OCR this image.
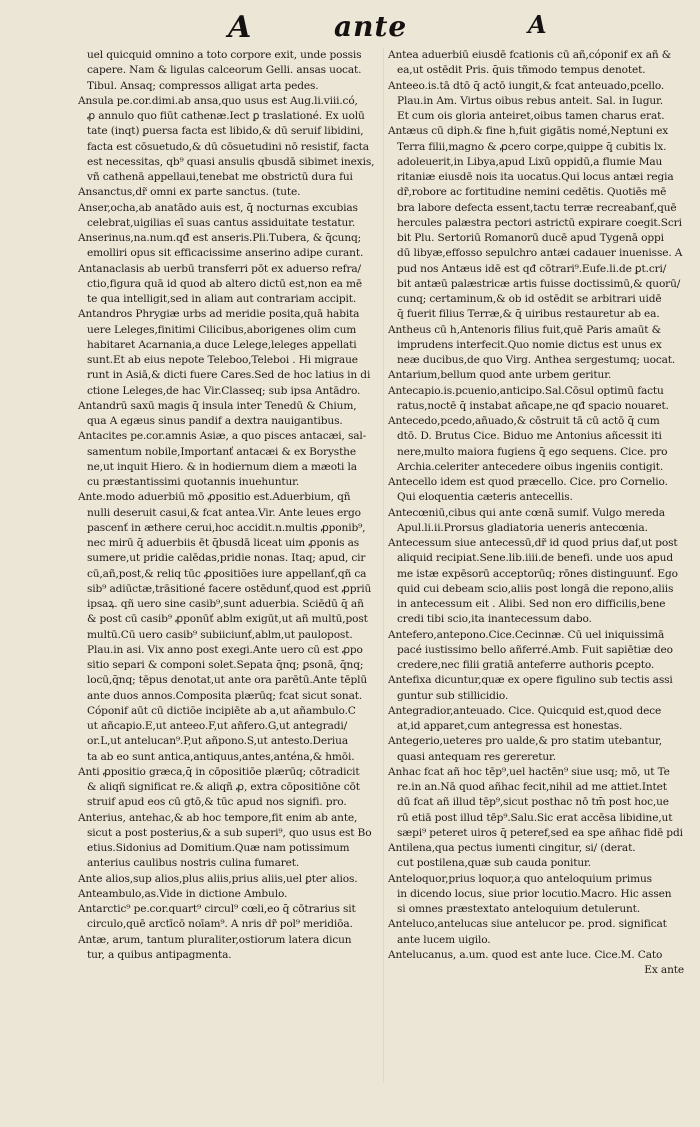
A	ante	A
uel quicquid omnino a toto corpore exit, unde possis
capere. Nam & ligulas calceorum Gelli. ansas uocat.
Tibul. Ansaq; compressos alligat arta pedes.
Ansula pe.cor.dimi.ab ansa,quo usus est Aug.li.viii.có,
ꝓ annulo quo fiūt cathenæ.Iect ꝑ traslationé. Ex uolū
tate (inqt) ꝑuersa facta est libido,& dū seruif libidini,
facta est cōsuetudo,& dū cōsuetudini nō resistif, facta
est necessitas, qb⁹ quasi ansulis qbusdā sibimet inexis,
vñ cathenā appellaui,tenebat me obstrictū dura fui
Ansanctus,dr̃ omni ex parte sanctus. (tute.
Anser,ocha,ab anatādo auis est, q̄ nocturnas excubias
celebrat,uigilias eī suas cantus assiduitate testatur.
Anserinus,na.num.qđ est anseris.Pli.Tubera, & q̄cunq;
emolliri opus sit efficacissime anserino adipe curant.
Antanaclasis ab uerbū transferri pōt ex aduerso refra/
ctio,figura quā id quod ab altero dictū est,non ea mē
te qua intelligit,sed in aliam aut contrariam accipit.
Antandros Phrygiæ urbs ad meridie posita,quā habita
uere Leleges,finitimi Cilicibus,aborigenes olim cum
habitaret Acarnania,a duce Lelege,leleges appellati
sunt.Et ab eius nepote Teleboo,Teleboi . Hi migraue
runt in Asiā,& dicti fuere Cares.Sed de hoc latius in di
ctione Leleges,de hac Vir.Classeq; sub ipsa Antādro.
Antandrū saxū magis q̄ insula inter Tenedū & Chium,
qua A egæus sinus pandif a dextra nauigantibus.
Antacites pe.cor.amnis Asiæ, a quo pisces antacæi, sal-
samentum nobile,Importanť antacæi & ex Borysthe
ne,ut inquit Hiero. & in hodiernum diem a mæoti la
cu præstantissimi quotannis inuehuntur.
Ante.modo aduerbiū mō ꝓpositio est.Aduerbium, qñ
nulli deseruit casui,& fcat antea.Vir. Ante leues ergo
pascenť in æthere cerui,hoc accidit.n.multis ꝓponib⁹,
nec mirū q̄ aduerbiis ēt q̄busdā liceat uim ꝓponis as
sumere,ut pridie calēdas,pridie nonas. Itaq; apud, cir
cū,añ,post,& reliq tūc ꝓpositiões iure appellanť,qñ ca
sib⁹ adiūctæ,trāsitioné facere ostēdunť,quod est ꝓpriū
ipsaꝝ. qñ uero sine casib⁹,sunt aduerbia. Sciēdū q̄ añ
& post cū casib⁹ ꝓponūť ablm exigūt,ut añ multū,post
multū.Cū uero casib⁹ subiiciunť,ablm,ut paulopost.
Plau.in asi. Vix anno post exegi.Ante uero cū est ꝓpo
sitio separi & componi solet.Sepata q̄nq; ꝑsonā, q̄nq;
locū,q̄nq; tēpus denotat,ut ante ora parētū.Ante tēplū
ante duos annos.Composita plærūq; fcat sicut sonat.
Cóponif aūt cū dictiōe incipiēte ab a,ut añambulo.C
ut añcapio.E,ut anteeo.F,ut añfero.G,ut antegradi/
or.L,ut antelucan⁹.P,ut añpono.S,ut antesto.Deriua
ta ab eo sunt antica,antiquus,antes,anténa,& hmōi.
Anti ꝓpositio græca,q̄ in cōpositiōe plærūq; cōtradicit
& aliqñ significat re.& aliqñ ꝓ, extra cōpositiōne cōt
struif apud eos cū gtō,& tūc apud nos signifi. pro.
Anterius, antehac,& ab hoc tempore,fit enim ab ante,
sicut a post posterius,& a sub superi⁹, quo usus est Bo
etius.Sidonius ad Domitium.Quæ nam potissimum
anterius caulibus nostris culina fumaret.
Ante alios,sup alios,plus aliis,prius aliis,uel ꝑter alios.
Anteambulo,as.Vide in dictione Ambulo.
Antarctic⁹ pe.cor.quart⁹ circul⁹ cœli,eo q̄ cōtrarius sit
circulo,quē arctīcō noīam⁹. A nris dr̃ pol⁹ meridiōa.
Antæ, arum, tantum pluraliter,ostiorum latera dicun
tur, a quibus antipagmenta.
Antea aduerbiū eiusdē fcationis cū añ,cóponif ex añ &
ea,ut ostēdit Pris. q̄uis tñmodo tempus denotet.
Anteeo.is.tā dtō q̄ actō iungit,& fcat anteuado,pcello.
Plau.in Am. Virtus oibus rebus anteit. Sal. in Iugur.
Et cum ois gloria anteiret,oibus tamen charus erat.
Antæus cū diph.& fine h,fuit gigātis nomé,Neptuni ex
Terra filii,magno & ꝓcero corpe,quippe q̄ cubitis lx.
adoleuerit,in Libya,apud Lixū oppidū,a flumie Mau
ritaniæ eiusdē nois ita uocatus.Qui locus antæi regia
dr̃,robore ac fortitudine nemini cedētis. Quotiēs mē
bra labore defecta essent,tactu terræ recreabanť,quē
hercules palæstra pectori astrictū expirare coegit.Scri
bit Plu. Sertoriū Romanorū ducē apud Tygenā oppi
dū libyæ,effosso sepulchro antæi cadauer inuenisse. A
pud nos Antæus idē est qđ cōtrari⁹.Eufe.li.de ꝑt.cri/
bit antæū palæstricæ artis fuisse doctissimū,& quorū/
cunq; certaminum,& ob id ostēdit se arbitrari uidē
q̄ fuerit filius Terræ,& q̄ uiribus restauretur ab ea.
Antheus cū h,Antenoris filius fuit,quē Paris amaūt &
imprudens interfecit.Quo nomie dictus est unus ex
neæ ducibus,de quo Virg. Anthea sergestumq; uocat.
Antarium,bellum quod ante urbem geritur.
Antecapio.is.pcuenio,anticipo.Sal.Cōsul optimū factu
ratus,noctē q̄ instabat añcape,ne qđ spacio nouaret.
Antecedo,pcedo,añuado,& cōstruit tā cū actō q̄ cum
dtō. D. Brutus Cice. Biduo me Antonius añcessit iti
nere,multo maiora fugiens q̄ ego sequens. Cice. pro
Archia.celeriter antecedere oibus ingeniis contigit.
Antecello idem est quod præcello. Cice. pro Cornelio.
Qui eloquentia cæteris antecellis.
Antecœniū,cibus qui ante cœnā sumif. Vulgo mereda
Apul.li.ii.Prorsus gladiatoria ueneris antecœnia.
Antecessum siue antecessū,dr̃ id quod prius daf,ut post
aliquid recipiat.Sene.lib.iiii.de benefi. unde uos apud
me istæ expēsorū acceptorūq; rōnes distinguunť. Ego
quid cui debeam scio,aliis post longā die repono,aliis
in antecessum eit . Alibi. Sed non ero difficilis,bene
credi tibi scio,ita inantecessum dabo.
Antefero,antepono.Cice.Cecinnæ. Cū uel iniquissimā
pacé iustissimo bello añferré.Amb. Fuit sapiētiæ deo
credere,nec filii gratiā anteferre authoris ꝑcepto.
Antefixa dicuntur,quæ ex opere figulino sub tectis assi
guntur sub stillicidio.
Antegradior,anteuado. Cice. Quicquid est,quod dece
at,id apparet,cum antegressa est honestas.
Antegerio,ueteres pro ualde,& pro statim utebantur,
quasi antequam res gereretur.
Anhac fcat añ hoc tēp⁹,uel hactēn⁹ siue usq; mō, ut Te
re.in an.Nā quod añhac fecit,nihil ad me attiet.Intet
dū fcat añ illud tēp⁹,sicut posthac nō tm̄ post hoc,ue
rū etiā post illud tēp⁹.Salu.Sic erat accēsa libidine,ut
sæpi⁹ peteret uiros q̄ peteref,sed ea spe añhac fidē pdi
Antilena,qua pectus iumenti cingitur, si/ (derat.
cut postilena,quæ sub cauda ponitur.
Anteloquor,prius loquor,a quo anteloquium primus
in dicendo locus, siue prior locutio.Macro. Hic assen
si omnes præstextato anteloquium detulerunt.
Anteluco,antelucas siue antelucor pe. prod. significat
ante lucem uigilo.
Antelucanus, a.um. quod est ante luce. Cice.M. Cato
Ex ante
